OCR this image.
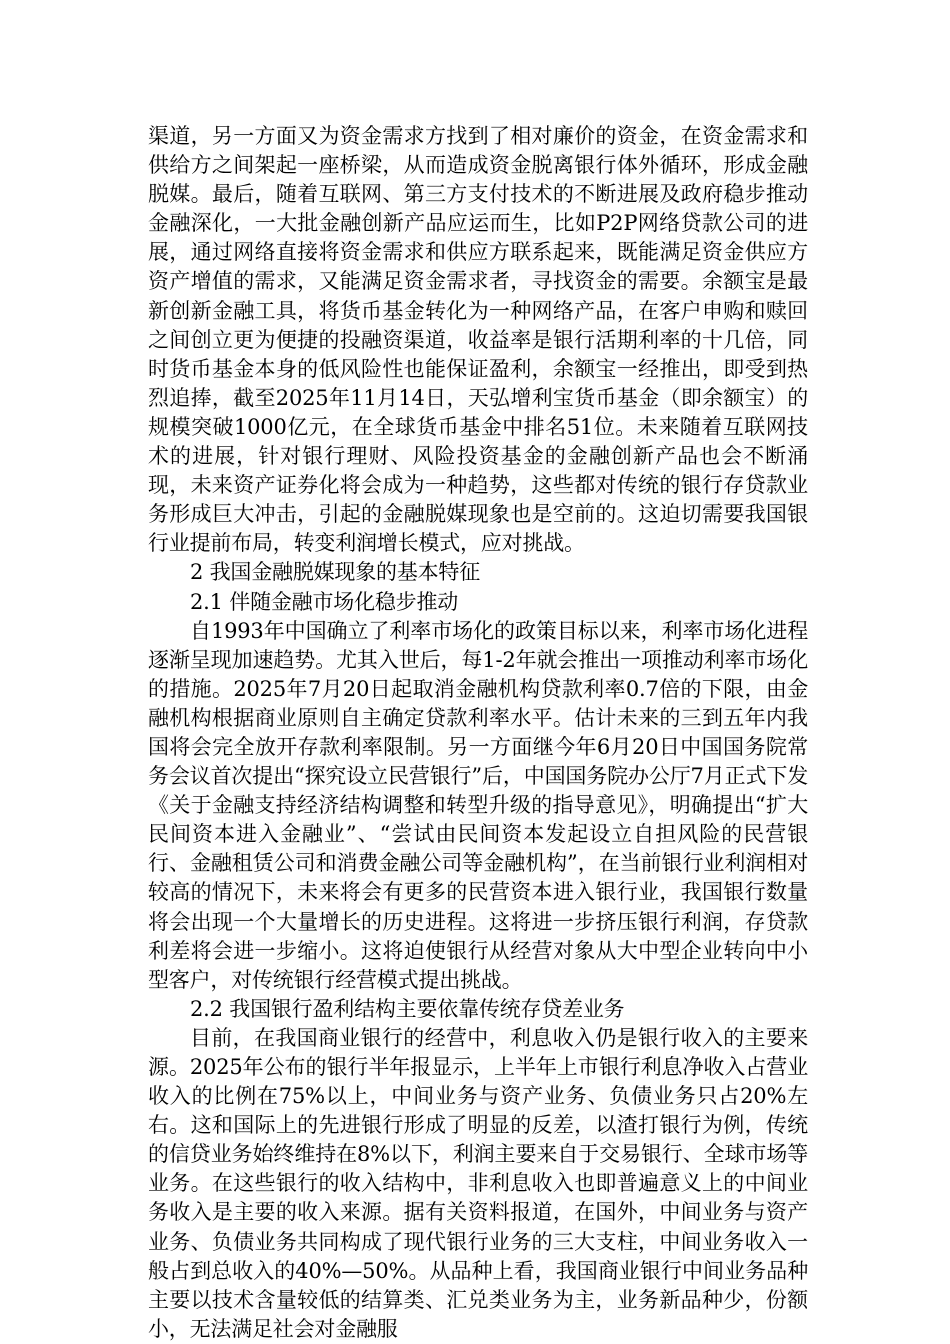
渠道，另一方面又为资金需求方找到了相对廉价的资金，在资金需求和供给方之间架起一座桥梁，从而造成资金脱离银行体外循环，形成金融脱媒。最后，随着互联网、第三方支付技术的不断进展及政府稳步推动金融深化，一大批金融创新产品应运而生，比如P2P网络贷款公司的进展，通过网络直接将资金需求和供应方联系起来，既能满足资金供应方资产增值的需求，又能满足资金需求者，寻找资金的需要。余额宝是最新创新金融工具，将货币基金转化为一种网络产品，在客户申购和赎回之间创立更为便捷的投融资渠道，收益率是银行活期利率的十几倍，同时货币基金本身的低风险性也能保证盈利，余额宝一经推出，即受到热烈追捧，截至2025年11月14日，天弘增利宝货币基金（即余额宝）的规模突破1000亿元，在全球货币基金中排名51位。未来随着互联网技术的进展，针对银行理财、风险投资基金的金融创新产品也会不断涌现，未来资产证券化将会成为一种趋势，这些都对传统的银行存贷款业务形成巨大冲击，引起的金融脱媒现象也是空前的。这迫切需要我国银行业提前布局，转变利润增长模式，应对挑战。

2 我国金融脱媒现象的基本特征

2.1 伴随金融市场化稳步推动

自1993年中国确立了利率市场化的政策目标以来，利率市场化进程逐渐呈现加速趋势。尤其入世后，每1-2年就会推出一项推动利率市场化的措施。2025年7月20日起取消金融机构贷款利率0.7倍的下限，由金融机构根据商业原则自主确定贷款利率水平。估计未来的三到五年内我国将会完全放开存款利率限制。另一方面继今年6月20日中国国务院常务会议首次提出“探究设立民营银行”后，中国国务院办公厅7月正式下发《关于金融支持经济结构调整和转型升级的指导意见》，明确提出“扩大民间资本进入金融业”、“尝试由民间资本发起设立自担风险的民营银行、金融租赁公司和消费金融公司等金融机构”，在当前银行业利润相对较高的情况下，未来将会有更多的民营资本进入银行业，我国银行数量将会出现一个大量增长的历史进程。这将进一步挤压银行利润，存贷款利差将会进一步缩小。这将迫使银行从经营对象从大中型企业转向中小型客户，对传统银行经营模式提出挑战。

2.2 我国银行盈利结构主要依靠传统存贷差业务

目前，在我国商业银行的经营中，利息收入仍是银行收入的主要来源。2025年公布的银行半年报显示，上半年上市银行利息净收入占营业收入的比例在75%以上，中间业务与资产业务、负债业务只占20%左右。这和国际上的先进银行形成了明显的反差，以渣打银行为例，传统的信贷业务始终维持在8%以下，利润主要来自于交易银行、全球市场等业务。在这些银行的收入结构中，非利息收入也即普遍意义上的中间业务收入是主要的收入来源。据有关资料报道，在国外，中间业务与资产业务、负债业务共同构成了现代银行业务的三大支柱，中间业务收入一般占到总收入的40%—50%。从品种上看，我国商业银行中间业务品种主要以技术含量较低的结算类、汇兑类业务为主，业务新品种少，份额小，无法满足社会对金融服
